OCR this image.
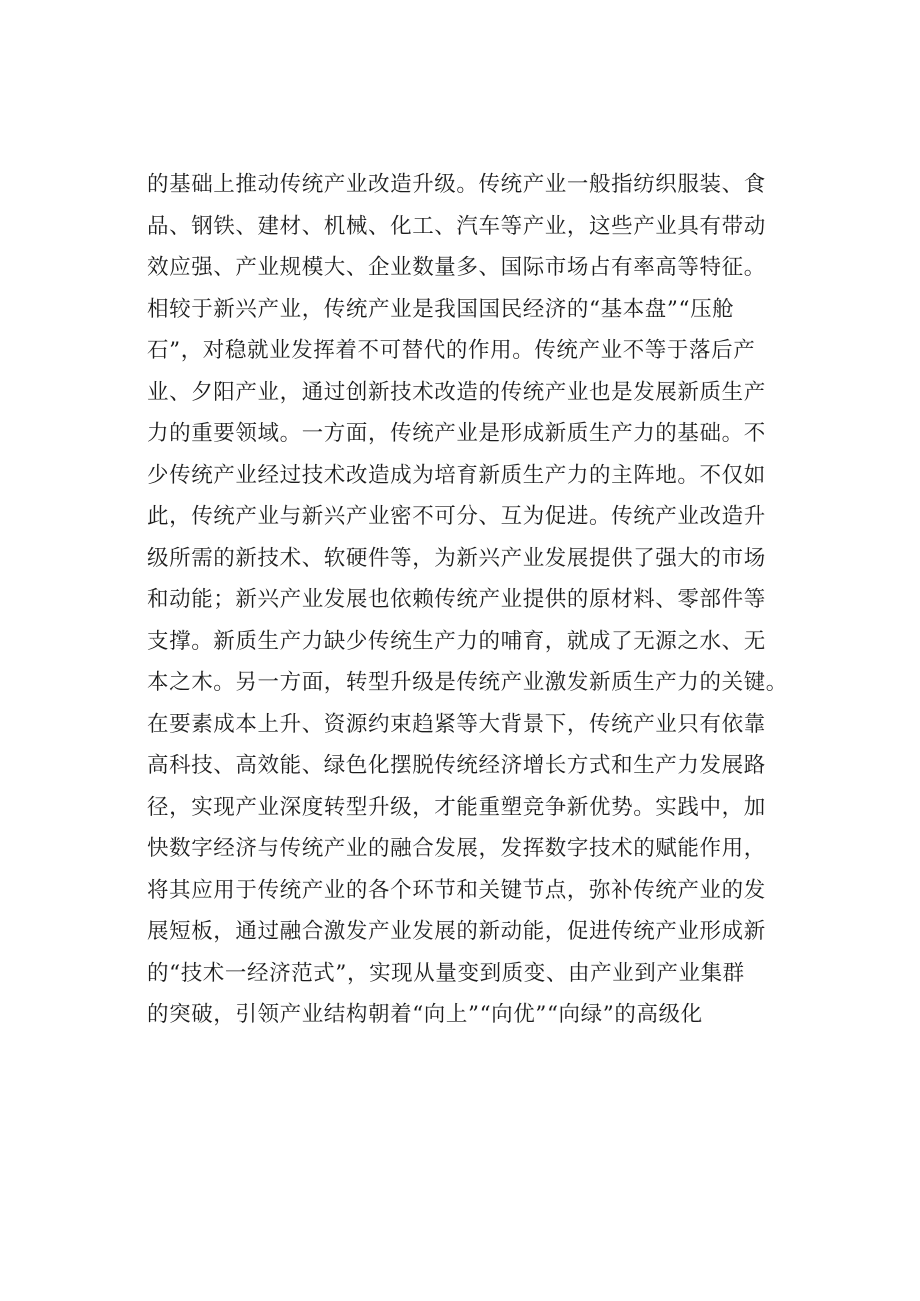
的基础上推动传统产业改造升级。传统产业一般指纺织服装、食
品、钢铁、建材、机械、化工、汽车等产业，这些产业具有带动
效应强、产业规模大、企业数量多、国际市场占有率高等特征。
相较于新兴产业，传统产业是我国国民经济的“基本盘”“压舱
石”，对稳就业发挥着不可替代的作用。传统产业不等于落后产
业、夕阳产业，通过创新技术改造的传统产业也是发展新质生产
力的重要领域。一方面，传统产业是形成新质生产力的基础。不
少传统产业经过技术改造成为培育新质生产力的主阵地。不仅如
此，传统产业与新兴产业密不可分、互为促进。传统产业改造升
级所需的新技术、软硬件等，为新兴产业发展提供了强大的市场
和动能；新兴产业发展也依赖传统产业提供的原材料、零部件等
支撑。新质生产力缺少传统生产力的哺育，就成了无源之水、无
本之木。另一方面，转型升级是传统产业激发新质生产力的关键。
在要素成本上升、资源约束趋紧等大背景下，传统产业只有依靠
高科技、高效能、绿色化摆脱传统经济增长方式和生产力发展路
径，实现产业深度转型升级，才能重塑竞争新优势。实践中，加
快数字经济与传统产业的融合发展，发挥数字技术的赋能作用，
将其应用于传统产业的各个环节和关键节点，弥补传统产业的发
展短板，通过融合激发产业发展的新动能，促进传统产业形成新
的“技术一经济范式”，实现从量变到质变、由产业到产业集群
的突破，引领产业结构朝着“向上”“向优”“向绿”的高级化
